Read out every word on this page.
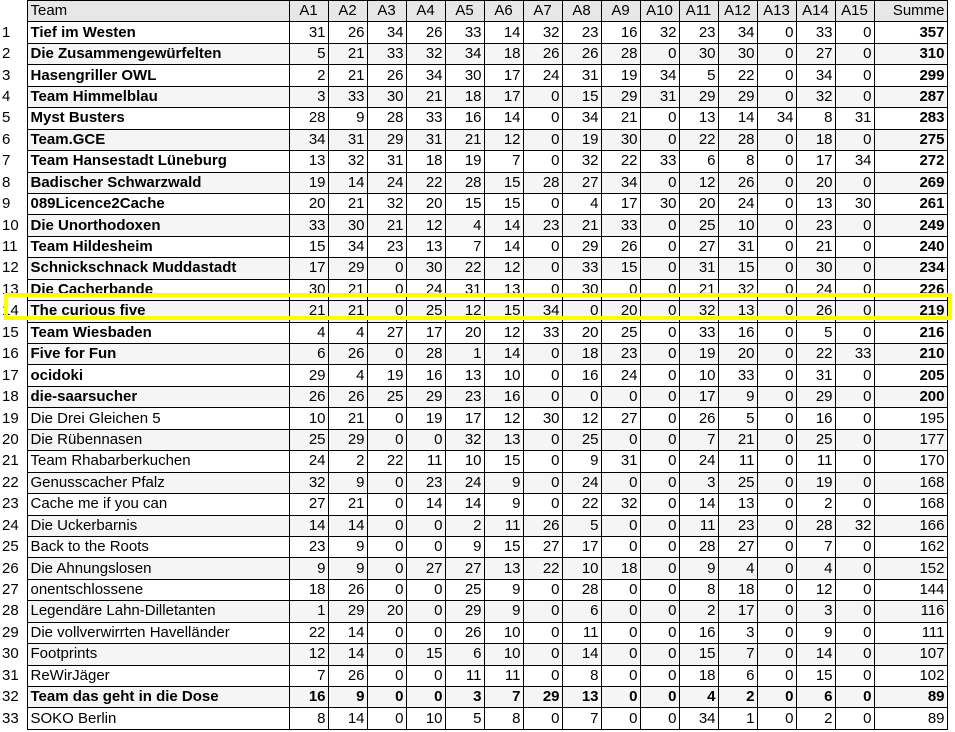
	Team	A1	A2	A3	A4	A5	A6	A7	A8	A9	A10	A11	A12	A13	A14	A15	Summe
1	Tief im Westen	31	26	34	26	33	14	32	23	16	32	23	34	0	33	0	357
2	Die Zusammengewürfelten	5	21	33	32	34	18	26	26	28	0	30	30	0	27	0	310
3	Hasengriller OWL	2	21	26	34	30	17	24	31	19	34	5	22	0	34	0	299
4	Team Himmelblau	3	33	30	21	18	17	0	15	29	31	29	29	0	32	0	287
5	Myst Busters	28	9	28	33	16	14	0	34	21	0	13	14	34	8	31	283
6	Team.GCE	34	31	29	31	21	12	0	19	30	0	22	28	0	18	0	275
7	Team Hansestadt Lüneburg	13	32	31	18	19	7	0	32	22	33	6	8	0	17	34	272
8	Badischer Schwarzwald	19	14	24	22	28	15	28	27	34	0	12	26	0	20	0	269
9	089Licence2Cache	20	21	32	20	15	15	0	4	17	30	20	24	0	13	30	261
10	Die Unorthodoxen	33	30	21	12	4	14	23	21	33	0	25	10	0	23	0	249
11	Team Hildesheim	15	34	23	13	7	14	0	29	26	0	27	31	0	21	0	240
12	Schnickschnack Muddastadt	17	29	0	30	22	12	0	33	15	0	31	15	0	30	0	234
13	Die Cacherbande	30	21	0	24	31	13	0	30	0	0	21	32	0	24	0	226
14	The curious five	21	21	0	25	12	15	34	0	20	0	32	13	0	26	0	219
15	Team Wiesbaden	4	4	27	17	20	12	33	20	25	0	33	16	0	5	0	216
16	Five for Fun	6	26	0	28	1	14	0	18	23	0	19	20	0	22	33	210
17	ocidoki	29	4	19	16	13	10	0	16	24	0	10	33	0	31	0	205
18	die-saarsucher	26	26	25	29	23	16	0	0	0	0	17	9	0	29	0	200
19	Die Drei Gleichen 5	10	21	0	19	17	12	30	12	27	0	26	5	0	16	0	195
20	Die Rübennasen	25	29	0	0	32	13	0	25	0	0	7	21	0	25	0	177
21	Team Rhabarberkuchen	24	2	22	11	10	15	0	9	31	0	24	11	0	11	0	170
22	Genusscacher Pfalz	32	9	0	23	24	9	0	24	0	0	3	25	0	19	0	168
23	Cache me if you can	27	21	0	14	14	9	0	22	32	0	14	13	0	2	0	168
24	Die Uckerbarnis	14	14	0	0	2	11	26	5	0	0	11	23	0	28	32	166
25	Back to the Roots	23	9	0	0	9	15	27	17	0	0	28	27	0	7	0	162
26	Die Ahnungslosen	9	9	0	27	27	13	22	10	18	0	9	4	0	4	0	152
27	onentschlossene	18	26	0	0	25	9	0	28	0	0	8	18	0	12	0	144
28	Legendäre Lahn-Dilletanten	1	29	20	0	29	9	0	6	0	0	2	17	0	3	0	116
29	Die vollverwirrten Havelländer	22	14	0	0	26	10	0	11	0	0	16	3	0	9	0	111
30	Footprints	12	14	0	15	6	10	0	14	0	0	15	7	0	14	0	107
31	ReWirJäger	7	26	0	0	11	11	0	8	0	0	18	6	0	15	0	102
32	Team das geht in die Dose	16	9	0	0	3	7	29	13	0	0	4	2	0	6	0	89
33	SOKO Berlin	8	14	0	10	5	8	0	7	0	0	34	1	0	2	0	89
